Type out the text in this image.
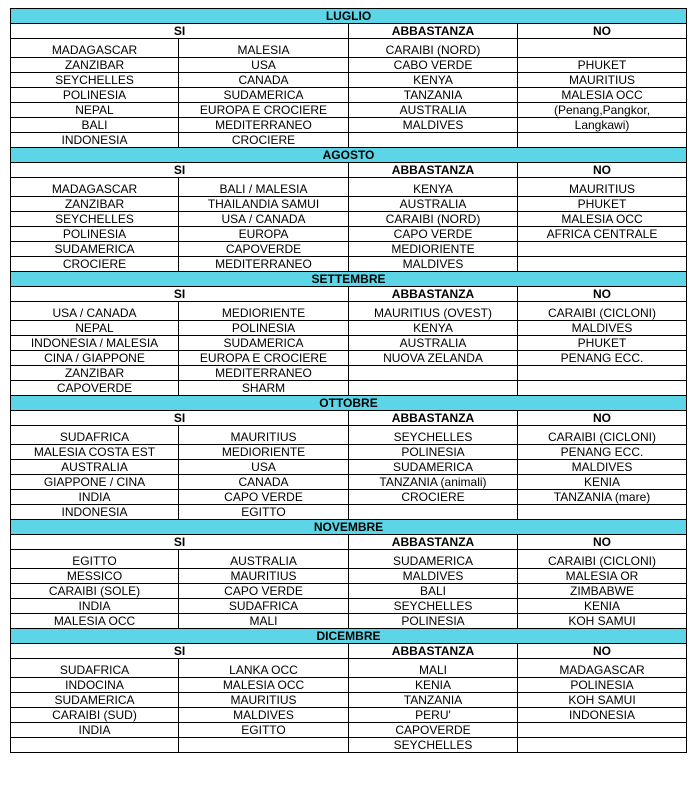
LUGLIO			
SI		ABBASTANZA	NO
MADAGASCAR	MALESIA	CARAIBI (NORD)	
ZANZIBAR	USA	CABO VERDE	PHUKET
SEYCHELLES	CANADA	KENYA	MAURITIUS
POLINESIA	SUDAMERICA	TANZANIA	MALESIA OCC
NEPAL	EUROPA E CROCIERE	AUSTRALIA	(Penang,Pangkor,
BALI	MEDITERRANEO	MALDIVES	Langkawi)
INDONESIA	CROCIERE		
AGOSTO			
SI		ABBASTANZA	NO
MADAGASCAR	BALI / MALESIA	KENYA	MAURITIUS
ZANZIBAR	THAILANDIA SAMUI	AUSTRALIA	PHUKET
SEYCHELLES	USA / CANADA	CARAIBI (NORD)	MALESIA OCC
POLINESIA	EUROPA	CAPO VERDE	AFRICA CENTRALE
SUDAMERICA	CAPOVERDE	MEDIORIENTE	
CROCIERE	MEDITERRANEO	MALDIVES	
SETTEMBRE			
SI		ABBASTANZA	NO
USA / CANADA	MEDIORIENTE	MAURITIUS (OVEST)	CARAIBI (CICLONI)
NEPAL	POLINESIA	KENYA	MALDIVES
INDONESIA / MALESIA	SUDAMERICA	AUSTRALIA	PHUKET
CINA / GIAPPONE	EUROPA E CROCIERE	NUOVA ZELANDA	PENANG ECC.
ZANZIBAR	MEDITERRANEO		
CAPOVERDE	SHARM		
OTTOBRE			
SI		ABBASTANZA	NO
SUDAFRICA	MAURITIUS	SEYCHELLES	CARAIBI (CICLONI)
MALESIA COSTA EST	MEDIORIENTE	POLINESIA	PENANG ECC.
AUSTRALIA	USA	SUDAMERICA	MALDIVES
GIAPPONE / CINA	CANADA	TANZANIA (animali)	KENIA
INDIA	CAPO VERDE	CROCIERE	TANZANIA (mare)
INDONESIA	EGITTO		
NOVEMBRE			
SI		ABBASTANZA	NO
EGITTO	AUSTRALIA	SUDAMERICA	CARAIBI (CICLONI)
MESSICO	MAURITIUS	MALDIVES	MALESIA OR
CARAIBI (SOLE)	CAPO VERDE	BALI	ZIMBABWE
INDIA	SUDAFRICA	SEYCHELLES	KENIA
MALESIA OCC	MALI	POLINESIA	KOH SAMUI
DICEMBRE			
SI		ABBASTANZA	NO
SUDAFRICA	LANKA OCC	MALI	MADAGASCAR
INDOCINA	MALESIA OCC	KENIA	POLINESIA
SUDAMERICA	MAURITIUS	TANZANIA	KOH SAMUI
CARAIBI (SUD)	MALDIVES	PERU'	INDONESIA
INDIA	EGITTO	CAPOVERDE	
		SEYCHELLES	
